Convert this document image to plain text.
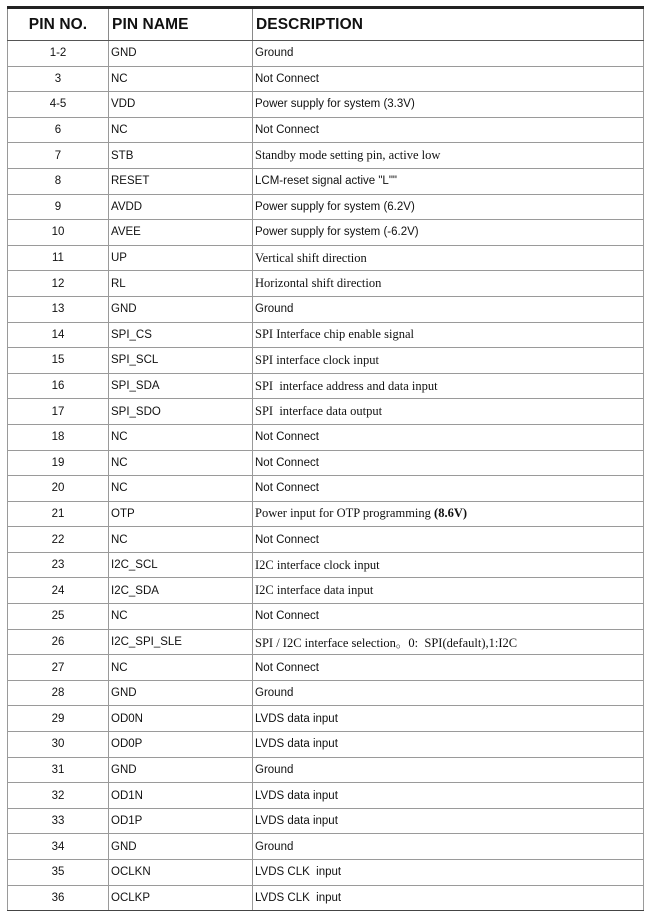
PIN NO.	PIN NAME	DESCRIPTION
1-2	GND	Ground
3	NC	Not Connect
4-5	VDD	Power supply for system (3.3V)
6	NC	Not Connect
7	STB	Standby mode setting pin, active low
8	RESET	LCM-reset signal active "L""
9	AVDD	Power supply for system (6.2V)
10	AVEE	Power supply for system (-6.2V)
11	UP	Vertical shift direction
12	RL	Horizontal shift direction
13	GND	Ground
14	SPI_CS	SPI Interface chip enable signal
15	SPI_SCL	SPI interface clock input
16	SPI_SDA	SPI  interface address and data input
17	SPI_SDO	SPI  interface data output
18	NC	Not Connect
19	NC	Not Connect
20	NC	Not Connect
21	OTP	Power input for OTP programming (8.6V)
22	NC	Not Connect
23	I2C_SCL	I2C interface clock input
24	I2C_SDA	I2C interface data input
25	NC	Not Connect
26	I2C_SPI_SLE	SPI / I2C interface selection。0:  SPI(default),1:I2C
27	NC	Not Connect
28	GND	Ground
29	OD0N	LVDS data input
30	OD0P	LVDS data input
31	GND	Ground
32	OD1N	LVDS data input
33	OD1P	LVDS data input
34	GND	Ground
35	OCLKN	LVDS CLK  input
36	OCLKP	LVDS CLK  input
